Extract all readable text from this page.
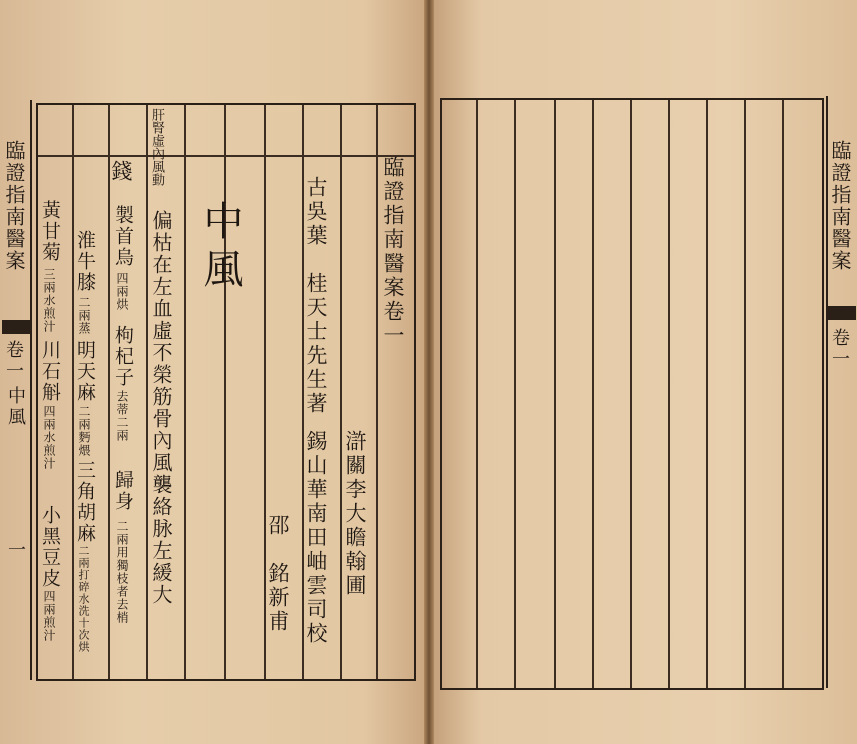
臨證指南醫案卷一
滸關李大瞻翰圃
古吳葉　桂天士先生著
錫山華南田岫雲司校
邵　銘新甫
中風
偏枯在左血虛不榮筋骨內風襲絡脉左緩大
錢 肝腎虛內風動
製首烏
四兩烘
枸杞子
去蒂二兩
歸身
二兩用獨枝者去梢
淮牛膝
二兩蒸
明天麻
二兩麪煨
三角胡麻
二兩打碎水洗十次烘
黃甘菊
三兩水煎汁
川石斛
四兩水煎汁
小黑豆皮
四兩煎汁
臨證指南醫案
卷一
中風
一
臨證指南醫案
卷一
